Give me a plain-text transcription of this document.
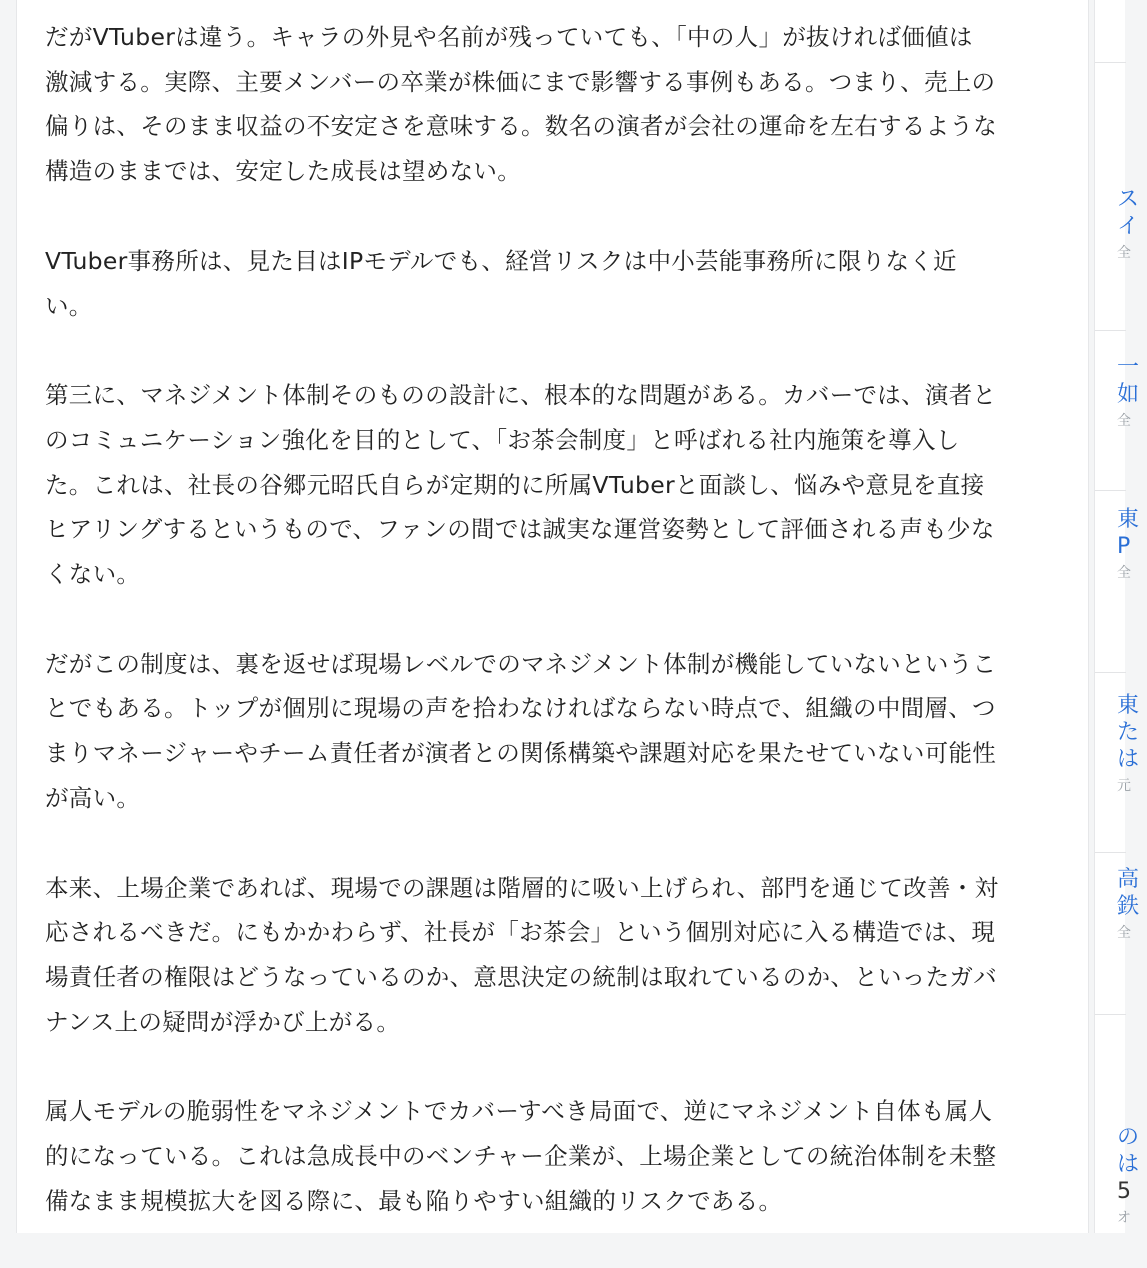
だがVTuberは違う。キャラの外見や名前が残っていても、「中の人」が抜ければ価値は
激減する。実際、主要メンバーの卒業が株価にまで影響する事例もある。つまり、売上の
偏りは、そのまま収益の不安定さを意味する。数名の演者が会社の運命を左右するような
構造のままでは、安定した成長は望めない。

VTuber事務所は、見た目はIPモデルでも、経営リスクは中小芸能事務所に限りなく近
い。

第三に、マネジメント体制そのものの設計に、根本的な問題がある。カバーでは、演者と
のコミュニケーション強化を目的として、「お茶会制度」と呼ばれる社内施策を導入し
た。これは、社長の谷郷元昭氏自らが定期的に所属VTuberと面談し、悩みや意見を直接
ヒアリングするというもので、ファンの間では誠実な運営姿勢として評価される声も少な
くない。

だがこの制度は、裏を返せば現場レベルでのマネジメント体制が機能していないというこ
とでもある。トップが個別に現場の声を拾わなければならない時点で、組織の中間層、つ
まりマネージャーやチーム責任者が演者との関係構築や課題対応を果たせていない可能性
が高い。

本来、上場企業であれば、現場での課題は階層的に吸い上げられ、部門を通じて改善・対
応されるべきだ。にもかかわらず、社長が「お茶会」という個別対応に入る構造では、現
場責任者の権限はどうなっているのか、意思決定の統制は取れているのか、といったガバ
ナンス上の疑問が浮かび上がる。

属人モデルの脆弱性をマネジメントでカバーすべき局面で、逆にマネジメント自体も属人
的になっている。これは急成長中のベンチャー企業が、上場企業としての統治体制を未整
備なまま規模拡大を図る際に、最も陥りやすい組織的リスクである。

ス
イ
全
一
如
全
東
P
全
東
た
は
元
高
鉄
全
の
は
5
オ
